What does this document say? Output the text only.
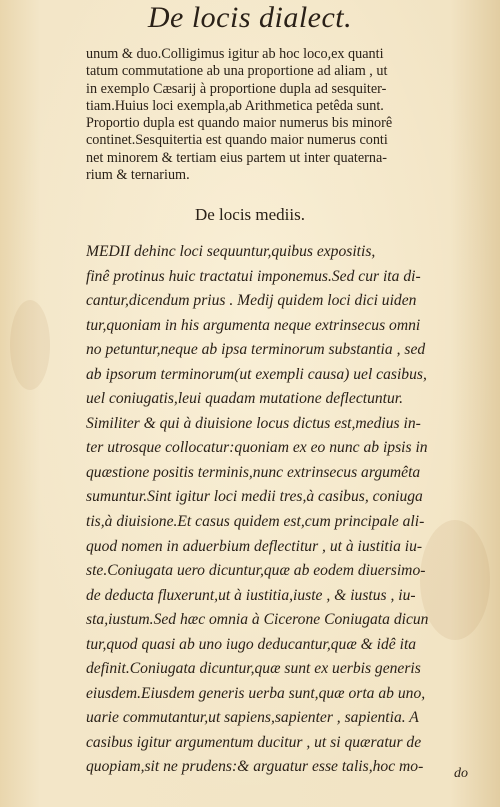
De locis dialect.
unum & duo.Colligimus igitur ab hoc loco,ex quanti
tatum commutatione ab una proportione ad aliam , ut
in exemplo Cæsarij à proportione dupla ad sesquiter-
tiam.Huius loci exempla,ab Arithmetica petêda sunt.
Proportio dupla est quando maior numerus bis minorê
continet.Sesquitertia est quando maior numerus conti
net minorem & tertiam eius partem ut inter quaterna-
rium & ternarium.
De locis mediis.
MEDII dehinc loci sequuntur,quibus expositis,
finê protinus huic tractatui imponemus.Sed cur ita di-
cantur,dicendum prius . Medij quidem loci dici uiden
tur,quoniam in his argumenta neque extrinsecus omni
no petuntur,neque ab ipsa terminorum substantia , sed
ab ipsorum terminorum(ut exempli causa) uel casibus,
uel coniugatis,leui quadam mutatione deflectuntur.
Similiter & qui à diuisione locus dictus est,medius in-
ter utrosque collocatur:quoniam ex eo nunc ab ipsis in
quæstione positis terminis,nunc extrinsecus argumêta
sumuntur.Sint igitur loci medii tres,à casibus, coniuga
tis,à diuisione.Et casus quidem est,cum principale ali-
quod nomen in aduerbium deflectitur , ut à iustitia iu-
ste.Coniugata uero dicuntur,quæ ab eodem diuersimo-
de deducta fluxerunt,ut à iustitia,iuste , & iustus , iu-
sta,iustum.Sed hæc omnia à Cicerone Coniugata dicun
tur,quod quasi ab uno iugo deducantur,quæ & idê ita
definit.Coniugata dicuntur,quæ sunt ex uerbis generis
eiusdem.Eiusdem generis uerba sunt,quæ orta ab uno,
uarie commutantur,ut sapiens,sapienter , sapientia. A
casibus igitur argumentum ducitur , ut si quæratur de
quopiam,sit ne prudens:& arguatur esse talis,hoc mo-	do
